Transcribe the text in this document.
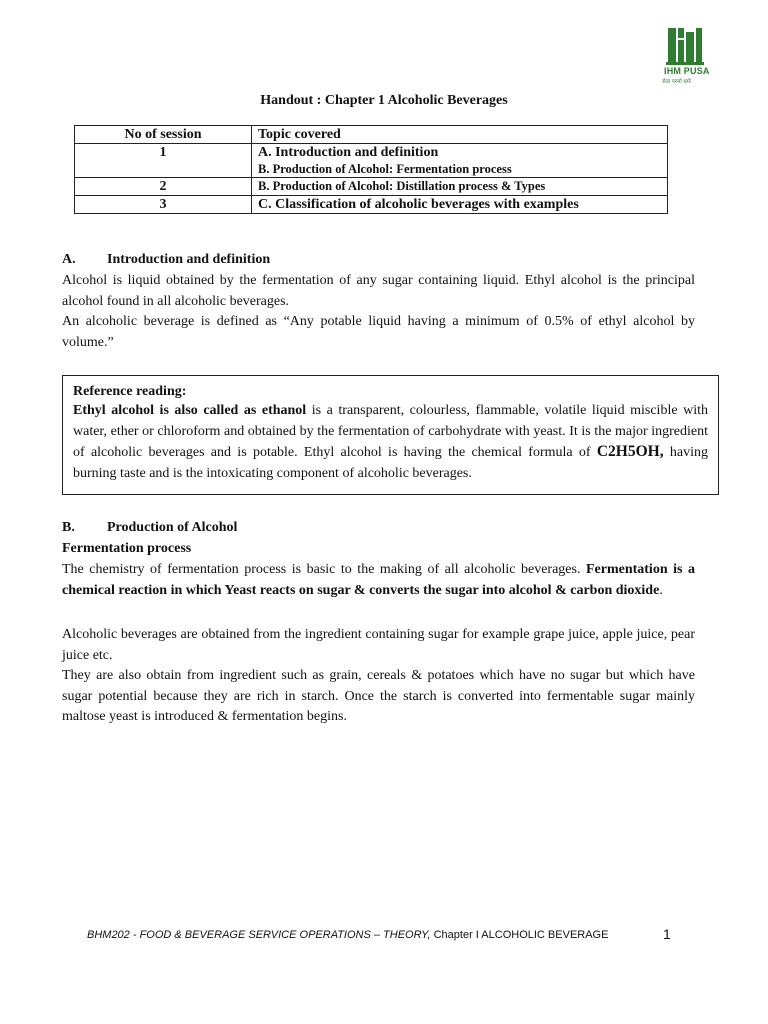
IHM PUSA
सेवा परमो धर्मः
Handout : Chapter 1 Alcoholic Beverages
No of session	Topic covered
1	A. Introduction and definition
B. Production of Alcohol: Fermentation process

2	B. Production of Alcohol: Distillation process & Types

3	C. Classification of alcoholic beverages with examples
A. Introduction and definition
Alcohol is liquid obtained by the fermentation of any sugar containing liquid. Ethyl alcohol is the principal alcohol found in all alcoholic beverages.
An alcoholic beverage is defined as “Any potable liquid having a minimum of 0.5% of ethyl alcohol by volume.”
Reference reading:
Ethyl alcohol is also called as ethanol is a transparent, colourless, flammable, volatile liquid miscible with water, ether or chloroform and obtained by the fermentation of carbohydrate with yeast. It is the major ingredient of alcoholic beverages and is potable. Ethyl alcohol is having the chemical formula of C2H5OH, having burning taste and is the intoxicating component of alcoholic beverages.
B. Production of Alcohol
Fermentation process
The chemistry of fermentation process is basic to the making of all alcoholic beverages. Fermentation is a chemical reaction in which Yeast reacts on sugar & converts the sugar into alcohol & carbon dioxide.
Alcoholic beverages are obtained from the ingredient containing sugar for example grape juice, apple juice, pear juice etc.
They are also obtain from ingredient such as grain, cereals & potatoes which have no sugar but which have sugar potential because they are rich in starch. Once the starch is converted into fermentable sugar mainly maltose yeast is introduced & fermentation begins.
BHM202 - FOOD & BEVERAGE SERVICE OPERATIONS – THEORY, Chapter I ALCOHOLIC BEVERAGE	1
